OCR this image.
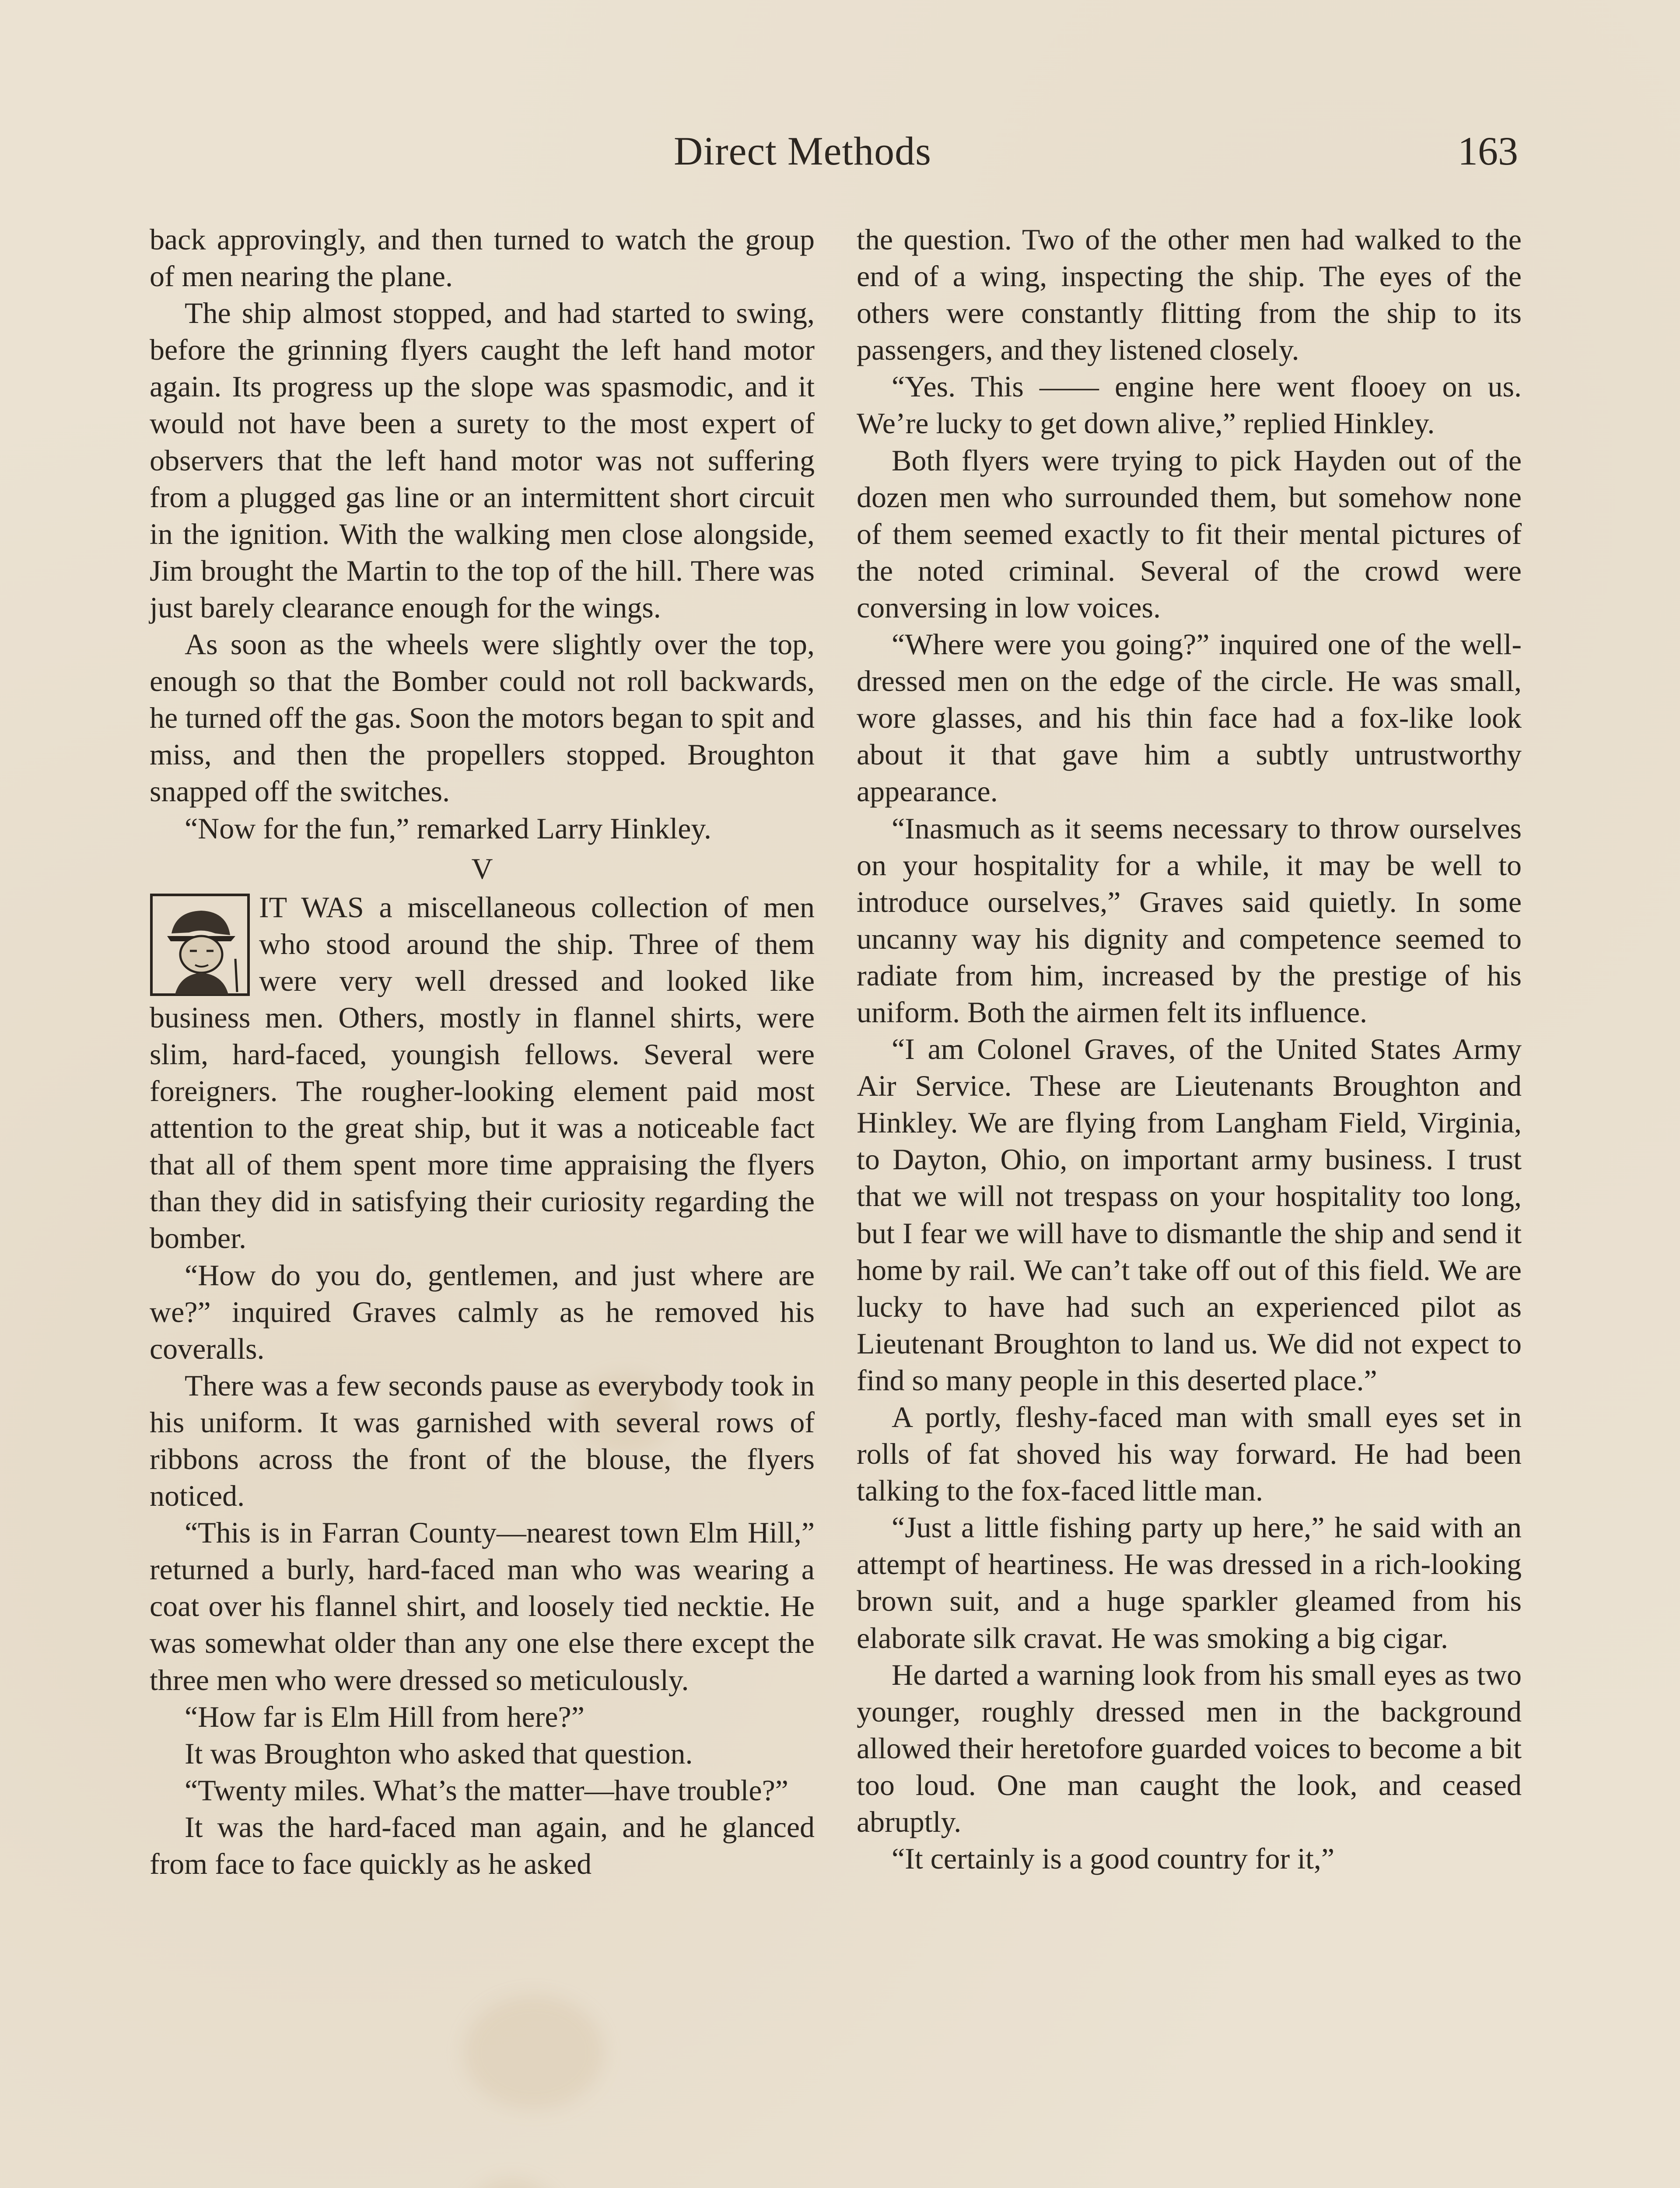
Direct Methods	163

back approvingly, and then turned to watch the group of men nearing the plane.

The ship almost stopped, and had started to swing, before the grinning flyers caught the left hand motor again. Its progress up the slope was spasmodic, and it would not have been a surety to the most expert of observers that the left hand motor was not suffering from a plugged gas line or an intermittent short circuit in the ignition. With the walking men close alongside, Jim brought the Martin to the top of the hill. There was just barely clearance enough for the wings.

As soon as the wheels were slightly over the top, enough so that the Bomber could not roll backwards, he turned off the gas. Soon the motors began to spit and miss, and then the propellers stopped. Broughton snapped off the switches.

“Now for the fun,” remarked Larry Hinkley.

V

IT WAS a miscellaneous collection of men who stood around the ship. Three of them were very well dressed and looked like business men. Others, mostly in flannel shirts, were slim, hard-faced, youngish fellows. Several were foreigners. The rougher-looking element paid most attention to the great ship, but it was a noticeable fact that all of them spent more time appraising the flyers than they did in satisfying their curiosity regarding the bomber.

“How do you do, gentlemen, and just where are we?” inquired Graves calmly as he removed his coveralls.

There was a few seconds pause as everybody took in his uniform. It was garnished with several rows of ribbons across the front of the blouse, the flyers noticed.

“This is in Farran County—nearest town Elm Hill,” returned a burly, hard-faced man who was wearing a coat over his flannel shirt, and loosely tied necktie. He was somewhat older than any one else there except the three men who were dressed so meticulously.

“How far is Elm Hill from here?”

It was Broughton who asked that question.

“Twenty miles. What’s the matter—have trouble?”

It was the hard-faced man again, and he glanced from face to face quickly as he asked

the question. Two of the other men had walked to the end of a wing, inspecting the ship. The eyes of the others were constantly flitting from the ship to its passengers, and they listened closely.

“Yes. This —— engine here went flooey on us. We’re lucky to get down alive,” replied Hinkley.

Both flyers were trying to pick Hayden out of the dozen men who surrounded them, but somehow none of them seemed exactly to fit their mental pictures of the noted criminal. Several of the crowd were conversing in low voices.

“Where were you going?” inquired one of the well-dressed men on the edge of the circle. He was small, wore glasses, and his thin face had a fox-like look about it that gave him a subtly untrustworthy appearance.

“Inasmuch as it seems necessary to throw ourselves on your hospitality for a while, it may be well to introduce ourselves,” Graves said quietly. In some uncanny way his dignity and competence seemed to radiate from him, increased by the prestige of his uniform. Both the airmen felt its influence.

“I am Colonel Graves, of the United States Army Air Service. These are Lieutenants Broughton and Hinkley. We are flying from Langham Field, Virginia, to Dayton, Ohio, on important army business. I trust that we will not trespass on your hospitality too long, but I fear we will have to dismantle the ship and send it home by rail. We can’t take off out of this field. We are lucky to have had such an experienced pilot as Lieutenant Broughton to land us. We did not expect to find so many people in this deserted place.”

A portly, fleshy-faced man with small eyes set in rolls of fat shoved his way forward. He had been talking to the fox-faced little man.

“Just a little fishing party up here,” he said with an attempt of heartiness. He was dressed in a rich-looking brown suit, and a huge sparkler gleamed from his elaborate silk cravat. He was smoking a big cigar.

He darted a warning look from his small eyes as two younger, roughly dressed men in the background allowed their heretofore guarded voices to become a bit too loud. One man caught the look, and ceased abruptly.

“It certainly is a good country for it,”
